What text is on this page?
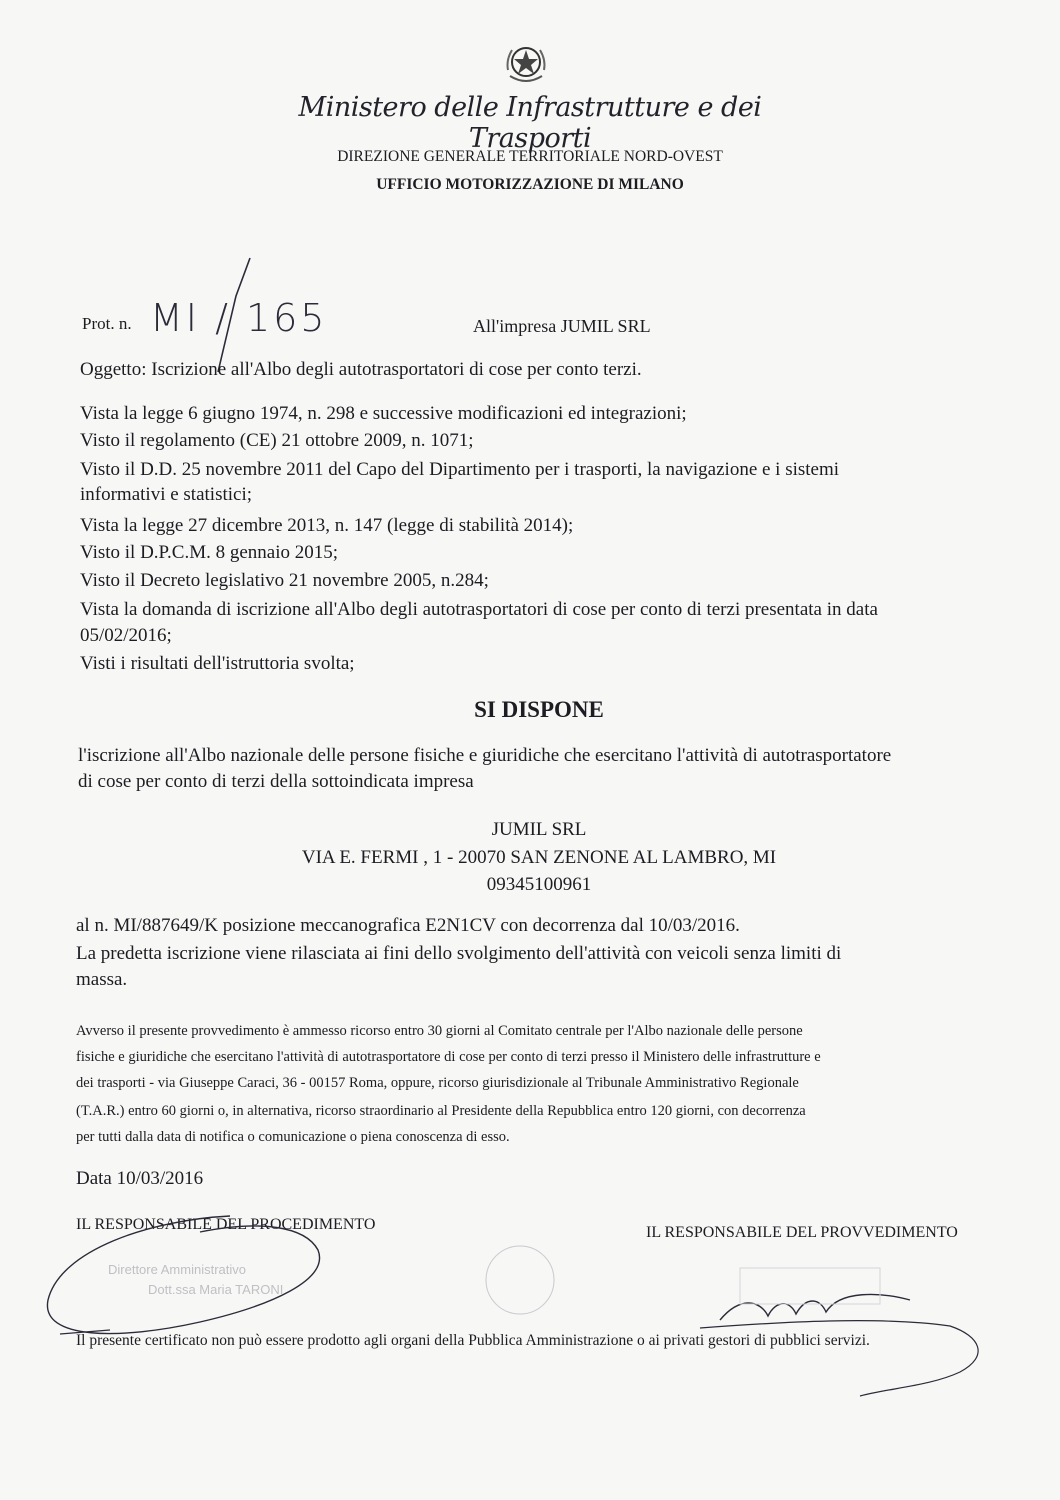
Ministero delle Infrastrutture e dei Trasporti
DIREZIONE GENERALE TERRITORIALE NORD-OVEST
UFFICIO MOTORIZZAZIONE DI MILANO
Prot. n. MI / 165	All'impresa JUMIL SRL
Oggetto: Iscrizione all'Albo degli autotrasportatori di cose per conto terzi.
Vista la legge 6 giugno 1974, n. 298 e successive modificazioni ed integrazioni;
Visto il regolamento (CE) 21 ottobre 2009, n. 1071;
Visto il D.D. 25 novembre 2011 del Capo del Dipartimento per i trasporti, la navigazione e i sistemi
informativi e statistici;
Vista la legge 27 dicembre 2013, n. 147 (legge di stabilità 2014);
Visto il D.P.C.M. 8 gennaio 2015;
Visto il Decreto legislativo 21 novembre 2005, n.284;
Vista la domanda di iscrizione all'Albo degli autotrasportatori di cose per conto di terzi presentata in data
05/02/2016;
Visti i risultati dell'istruttoria svolta;
SI DISPONE
l'iscrizione all'Albo nazionale delle persone fisiche e giuridiche che esercitano l'attività di autotrasportatore
di cose per conto di terzi della sottoindicata impresa
JUMIL SRL
VIA E. FERMI , 1 - 20070 SAN ZENONE AL LAMBRO, MI
09345100961
al n. MI/887649/K posizione meccanografica E2N1CV con decorrenza dal 10/03/2016.
La predetta iscrizione viene rilasciata ai fini dello svolgimento dell'attività con veicoli senza limiti di
massa.
Avverso il presente provvedimento è ammesso ricorso entro 30 giorni al Comitato centrale per l'Albo nazionale delle persone
fisiche e giuridiche che esercitano l'attività di autotrasportatore di cose per conto di terzi presso il Ministero delle infrastrutture e
dei trasporti - via Giuseppe Caraci, 36 - 00157 Roma, oppure, ricorso giurisdizionale al Tribunale Amministrativo Regionale
(T.A.R.) entro 60 giorni o, in alternativa, ricorso straordinario al Presidente della Repubblica entro 120 giorni, con decorrenza
per tutti dalla data di notifica o comunicazione o piena conoscenza di esso.
Data 10/03/2016
IL RESPONSABILE DEL PROCEDIMENTO	IL RESPONSABILE DEL PROVVEDIMENTO
Direttore Amministrativo
Dott.ssa Maria TARONI
Il presente certificato non può essere prodotto agli organi della Pubblica Amministrazione o ai privati gestori di pubblici servizi.
